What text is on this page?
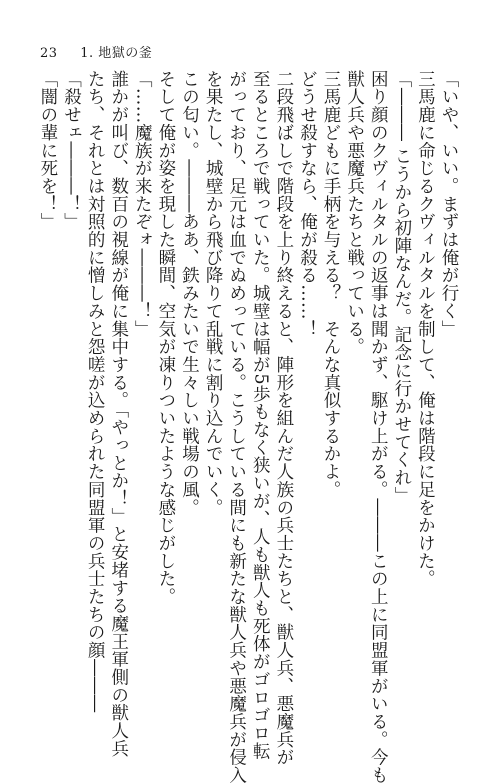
23 1. 地獄の釜
「いや、いい。まずは俺が行く」
三馬鹿に命じるクヴィルタルを制して、俺は階段に足をかけた。
「――― こうから初陣なんだ。記念に行かせてくれ」
困り顔のクヴィルタルの返事は聞かず、駆け上がる。―――この上に同盟軍がいる。今も
獣人兵や悪魔兵たちと戦っている。
三馬鹿どもに手柄を与える？　そんな真似するかよ。
どうせ殺すなら、俺が殺る……！
二段飛ばしで階段を上り終えると、陣形を組んだ人族の兵士たちと、獣人兵、悪魔兵が
至るところで戦っていた。城壁は幅が5歩もなく狭いが、人も獣人も死体がゴロゴロ転
がっており、足元は血でぬめっている。こうしている間にも新たな獣人兵や悪魔兵が侵入
を果たし、城壁から飛び降りて乱戦に割り込んでいく。
この匂い。―――ああ、鉄みたいで生々しい戦場の風。
そして俺が姿を現した瞬間、空気が凍りついたような感じがした。
「……魔族が来たぞォ―――！」
誰かが叫び、数百の視線が俺に集中する。「やっとか！」と安堵する魔王軍側の獣人兵
たち、それとは対照的に憎しみと怨嗟が込められた同盟軍の兵士たちの顔―――
「殺せェ―――！」
「闇の輩に死を！」
